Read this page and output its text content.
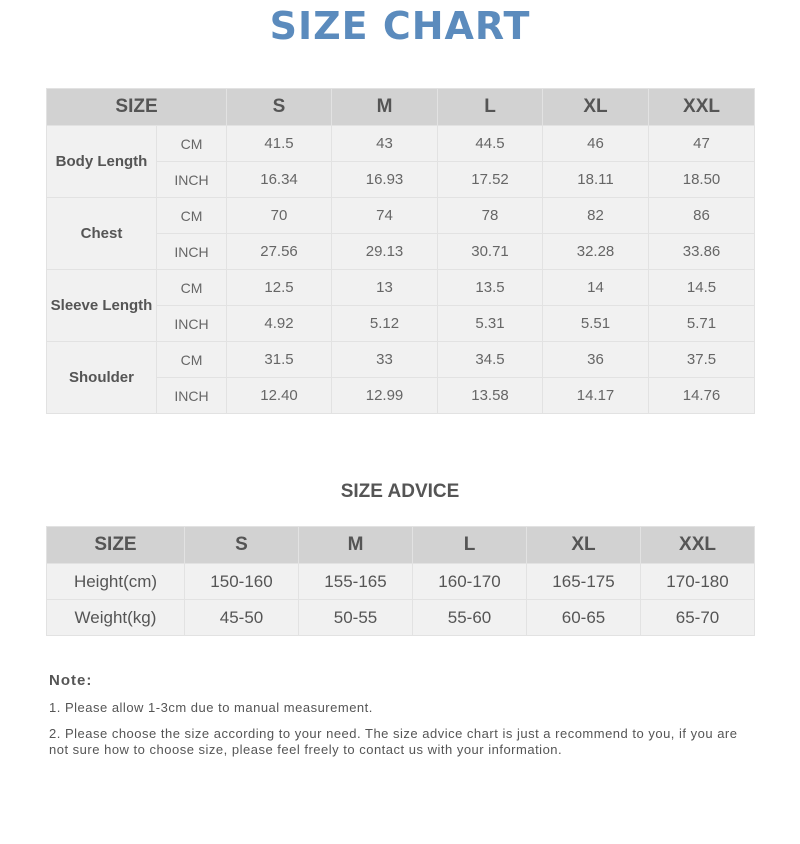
SIZE CHART
SIZE		S	M	L	XL	XXL
Body Length	CM	41.5	43	44.5	46	47
	INCH	16.34	16.93	17.52	18.11	18.50
Chest	CM	70	74	78	82	86
	INCH	27.56	29.13	30.71	32.28	33.86
Sleeve Length	CM	12.5	13	13.5	14	14.5
	INCH	4.92	5.12	5.31	5.51	5.71
Shoulder	CM	31.5	33	34.5	36	37.5
	INCH	12.40	12.99	13.58	14.17	14.76
SIZE ADVICE
SIZE	S	M	L	XL	XXL
Height(cm)	150-160	155-165	160-170	165-175	170-180
Weight(kg)	45-50	50-55	55-60	60-65	65-70
Note:
1. Please allow 1-3cm due to manual measurement.
2. Please choose the size according to your need. The size advice chart is just a recommend to you, if you are not sure how to choose size, please feel freely to contact us with your information.
